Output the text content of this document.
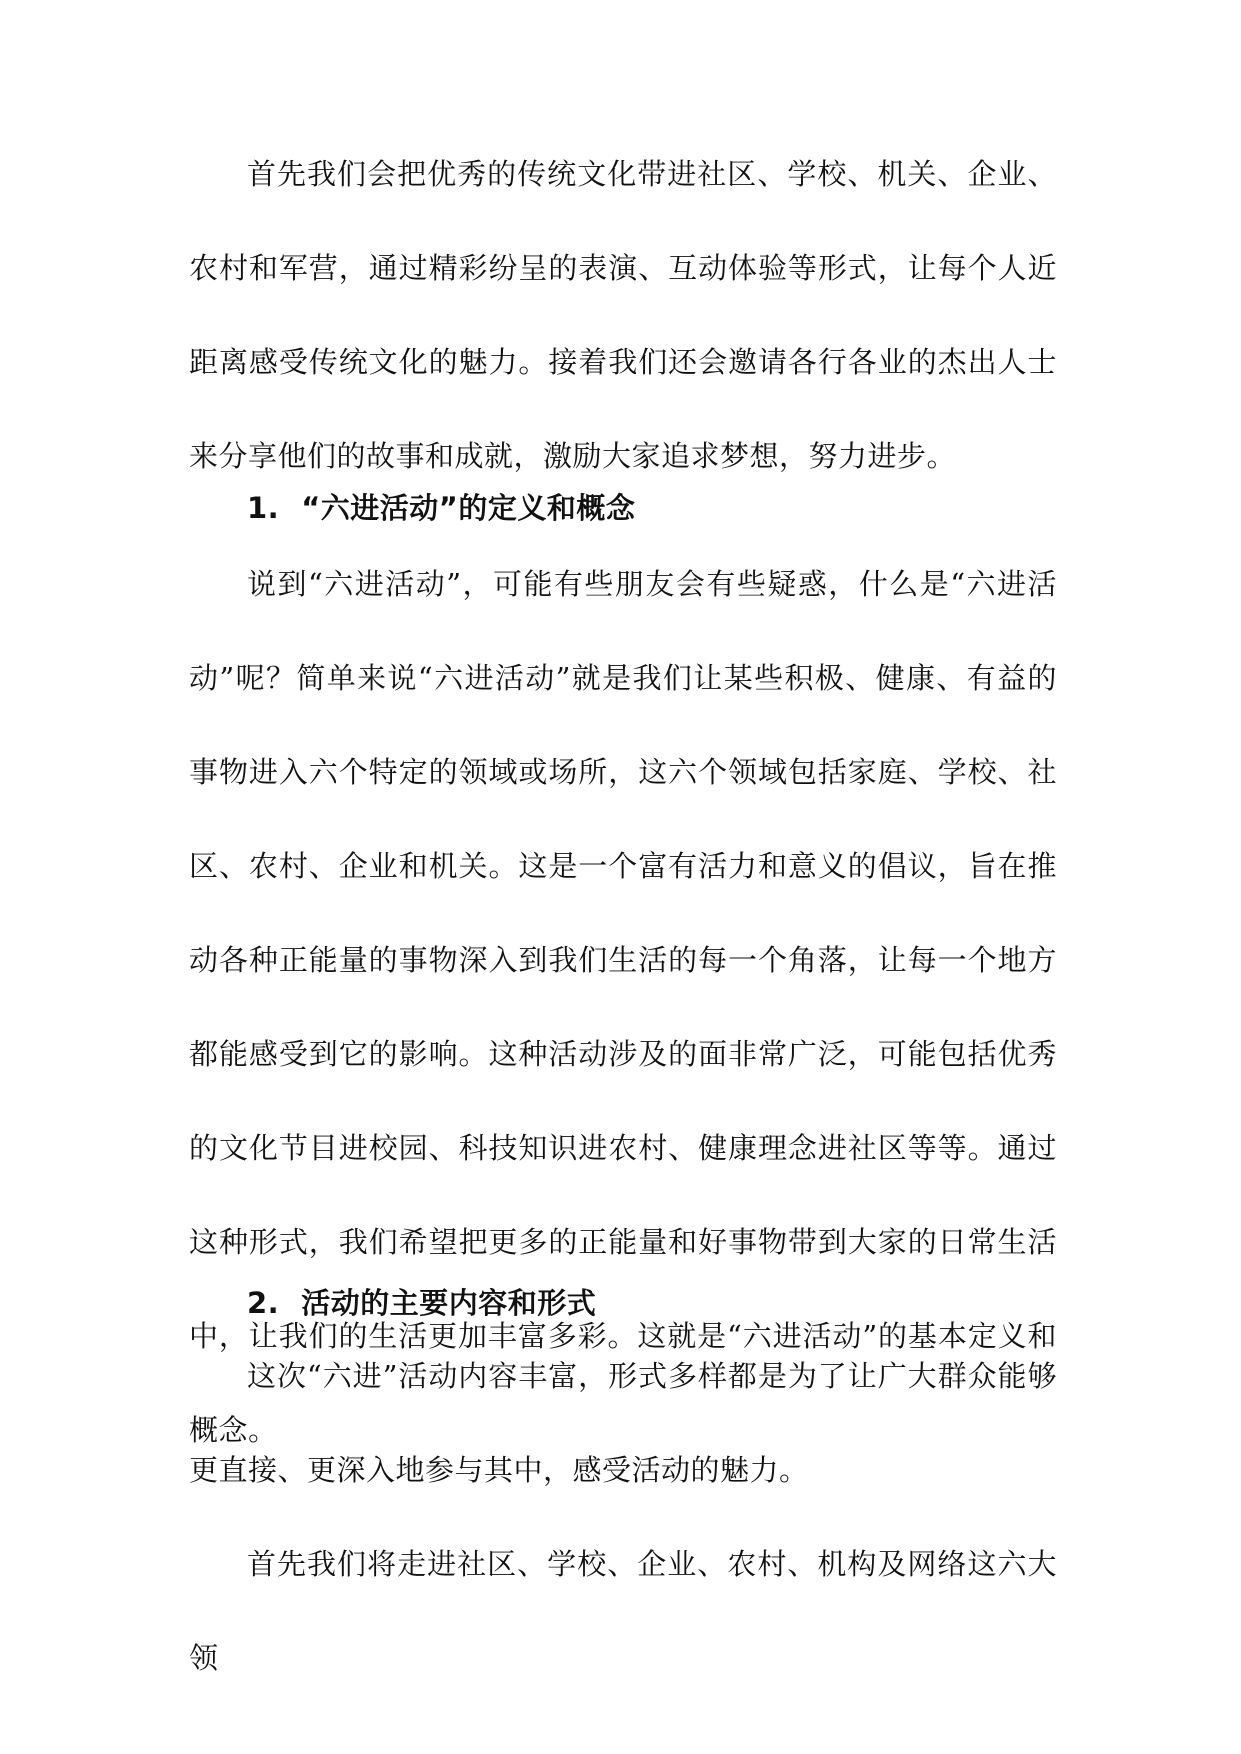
首先我们会把优秀的传统文化带进社区、学校、机关、企业、农村和军营，通过精彩纷呈的表演、互动体验等形式，让每个人近距离感受传统文化的魅力。接着我们还会邀请各行各业的杰出人士来分享他们的故事和成就，激励大家追求梦想，努力进步。

1. “六进活动”的定义和概念

说到“六进活动”，可能有些朋友会有些疑惑，什么是“六进活动”呢？简单来说“六进活动”就是我们让某些积极、健康、有益的事物进入六个特定的领域或场所，这六个领域包括家庭、学校、社区、农村、企业和机关。这是一个富有活力和意义的倡议，旨在推动各种正能量的事物深入到我们生活的每一个角落，让每一个地方都能感受到它的影响。这种活动涉及的面非常广泛，可能包括优秀的文化节目进校园、科技知识进农村、健康理念进社区等等。通过这种形式，我们希望把更多的正能量和好事物带到大家的日常生活中，让我们的生活更加丰富多彩。这就是“六进活动”的基本定义和概念。

2. 活动的主要内容和形式

这次“六进”活动内容丰富，形式多样都是为了让广大群众能够更直接、更深入地参与其中，感受活动的魅力。

首先我们将走进社区、学校、企业、农村、机构及网络这六大领
